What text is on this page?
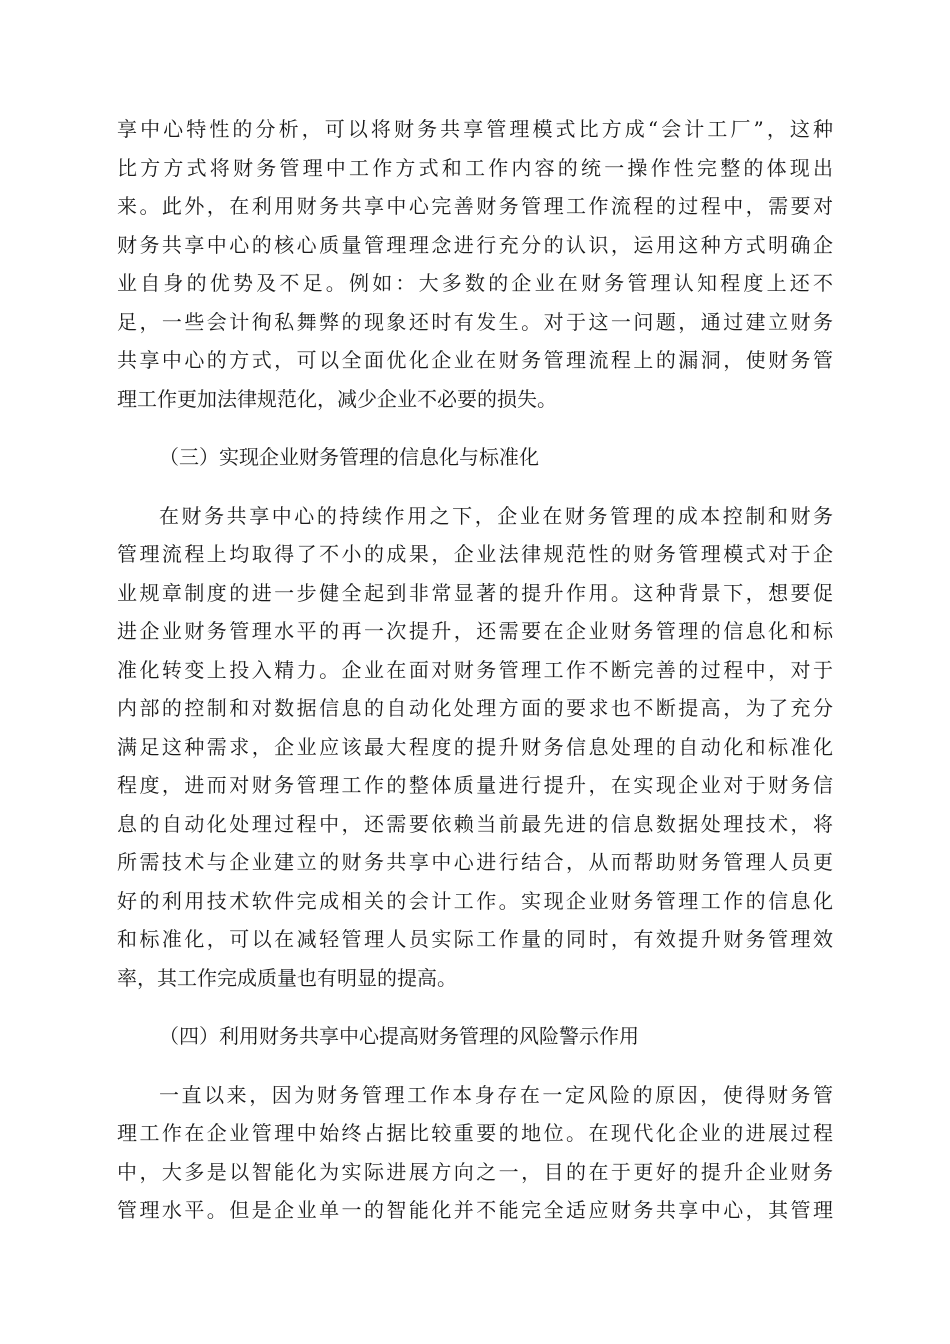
享中心特性的分析，可以将财务共享管理模式比方成“会计工厂”，这种
比方方式将财务管理中工作方式和工作内容的统一操作性完整的体现出
来。此外，在利用财务共享中心完善财务管理工作流程的过程中，需要对
财务共享中心的核心质量管理理念进行充分的认识，运用这种方式明确企
业自身的优势及不足。例如：大多数的企业在财务管理认知程度上还不
足，一些会计徇私舞弊的现象还时有发生。对于这一问题，通过建立财务
共享中心的方式，可以全面优化企业在财务管理流程上的漏洞，使财务管
理工作更加法律规范化，减少企业不必要的损失。
（三）实现企业财务管理的信息化与标准化
在财务共享中心的持续作用之下，企业在财务管理的成本控制和财务
管理流程上均取得了不小的成果，企业法律规范性的财务管理模式对于企
业规章制度的进一步健全起到非常显著的提升作用。这种背景下，想要促
进企业财务管理水平的再一次提升，还需要在企业财务管理的信息化和标
准化转变上投入精力。企业在面对财务管理工作不断完善的过程中，对于
内部的控制和对数据信息的自动化处理方面的要求也不断提高，为了充分
满足这种需求，企业应该最大程度的提升财务信息处理的自动化和标准化
程度，进而对财务管理工作的整体质量进行提升，在实现企业对于财务信
息的自动化处理过程中，还需要依赖当前最先进的信息数据处理技术，将
所需技术与企业建立的财务共享中心进行结合，从而帮助财务管理人员更
好的利用技术软件完成相关的会计工作。实现企业财务管理工作的信息化
和标准化，可以在减轻管理人员实际工作量的同时，有效提升财务管理效
率，其工作完成质量也有明显的提高。
（四）利用财务共享中心提高财务管理的风险警示作用
一直以来，因为财务管理工作本身存在一定风险的原因，使得财务管
理工作在企业管理中始终占据比较重要的地位。在现代化企业的进展过程
中，大多是以智能化为实际进展方向之一，目的在于更好的提升企业财务
管理水平。但是企业单一的智能化并不能完全适应财务共享中心，其管理
